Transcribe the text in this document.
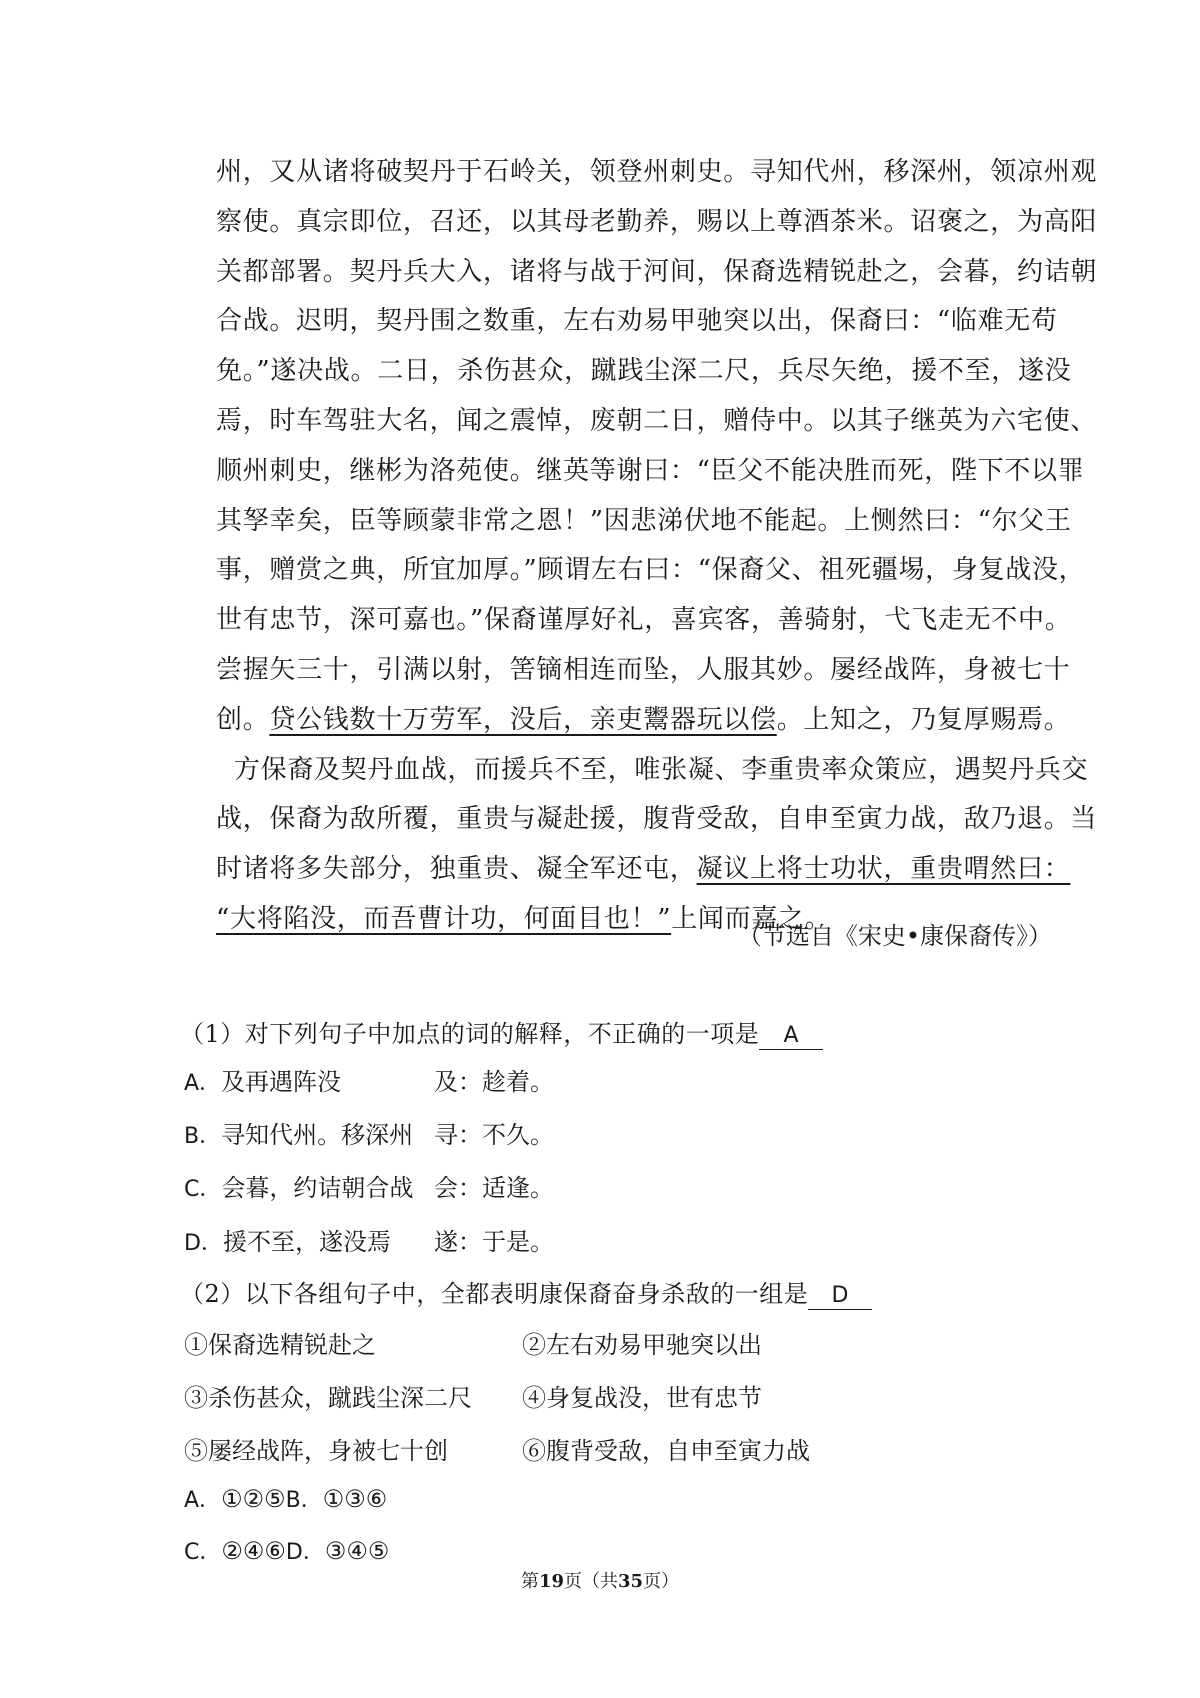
州，又从诸将破契丹于石岭关，领登州刺史。寻知代州，移深州，领凉州观
察使。真宗即位，召还，以其母老勤养，赐以上尊酒茶米。诏褒之，为高阳
关都部署。契丹兵大入，诸将与战于河间，保裔选精锐赴之，会暮，约诘朝
合战。迟明，契丹围之数重，左右劝易甲驰突以出，保裔曰：“临难无苟
免。”遂决战。二日，杀伤甚众，蹴践尘深二尺，兵尽矢绝，援不至，遂没
焉，时车驾驻大名，闻之震悼，废朝二日，赠侍中。以其子继英为六宅使、
顺州刺史，继彬为洛苑使。继英等谢曰：“臣父不能决胜而死，陛下不以罪
其孥幸矣，臣等顾蒙非常之恩！”因悲涕伏地不能起。上恻然曰：“尔父王
事，赠赏之典，所宜加厚。”顾谓左右曰：“保裔父、祖死疆埸，身复战没，
世有忠节，深可嘉也。”保裔谨厚好礼，喜宾客，善骑射，弋飞走无不中。
尝握矢三十，引满以射，筈镝相连而坠，人服其妙。屡经战阵，身被七十
创。贷公钱数十万劳军，没后，亲吏鬻器玩以偿。上知之，乃复厚赐焉。
方保裔及契丹血战，而援兵不至，唯张凝、李重贵率众策应，遇契丹兵交
战，保裔为敌所覆，重贵与凝赴援，腹背受敌，自申至寅力战，敌乃退。当
时诸将多失部分，独重贵、凝全军还屯，凝议上将士功状，重贵喟然曰：
“大将陷没，而吾曹计功，何面目也！”上闻而嘉之。
（节选自《宋史•康保裔传》）
（1）对下列句子中加点的词的解释，不正确的一项是 A
A．及再遇阵没	及：趁着。
B．寻知代州。移深州 寻：不久。
C．会暮，约诘朝合战 会：适逢。
D．援不至，遂没焉 遂：于是。
（2）以下各组句子中，全都表明康保裔奋身杀敌的一组是 D
①保裔选精锐赴之	②左右劝易甲驰突以出
③杀伤甚众，蹴践尘深二尺 ④身复战没，世有忠节
⑤屡经战阵，身被七十创	⑥腹背受敌，自申至寅力战
A．①②⑤B．①③⑥
C．②④⑥D．③④⑤
第19页（共35页）
